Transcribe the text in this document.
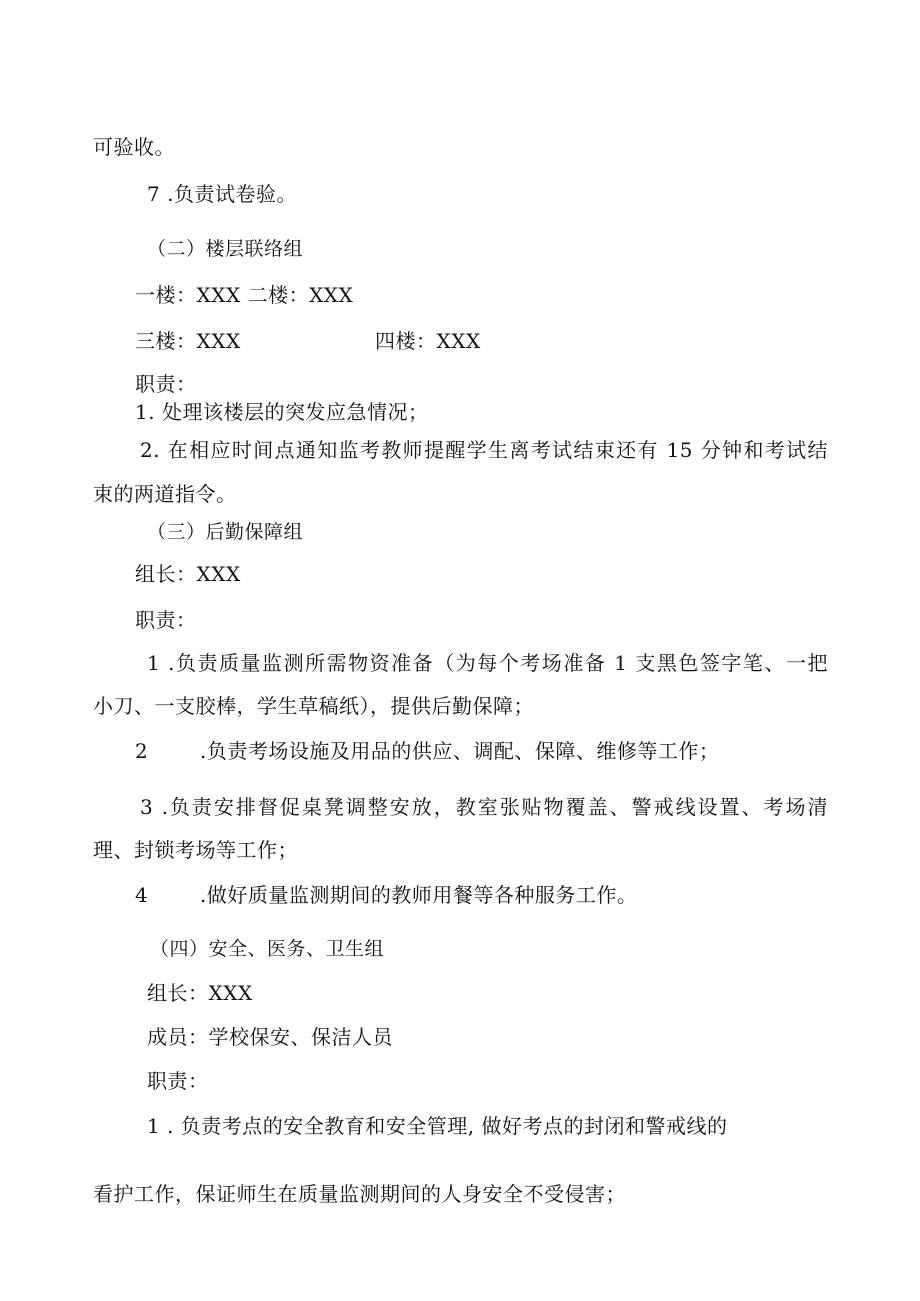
可验收。
7 .负责试卷验。
（二）楼层联络组
一楼：XXX 二楼：XXX
三楼：XXX	四楼：XXX
职责：
1. 处理该楼层的突发应急情况；
2. 在相应时间点通知监考教师提醒学生离考试结束还有 15 分钟和考试结
束的两道指令。
（三）后勤保障组
组长：XXX
职责：
1 .负责质量监测所需物资准备（为每个考场准备 1 支黑色签字笔、一把
小刀、一支胶棒，学生草稿纸），提供后勤保障；
2	.负责考场设施及用品的供应、调配、保障、维修等工作；
3 .负责安排督促桌凳调整安放，教室张贴物覆盖、警戒线设置、考场清
理、封锁考场等工作；
4	.做好质量监测期间的教师用餐等各种服务工作。
（四）安全、医务、卫生组
组长：XXX
成员：学校保安、保洁人员
职责：
1 . 负责考点的安全教育和安全管理, 做好考点的封闭和警戒线的
看护工作，保证师生在质量监测期间的人身安全不受侵害；
